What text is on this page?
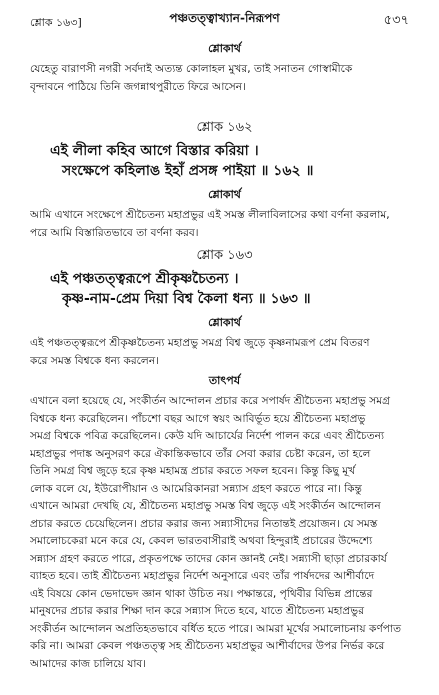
শ্লোক ১৬৩]	পঞ্চতত্ত্বাখ্যান-নিরূপণ	৫৩৭
শ্লোকার্থ
যেহেতু বারাণসী নগরী সর্বদাই অত্যন্ত কোলাহল মুখর, তাই সনাতন গোস্বামীকে
বৃন্দাবনে পাঠিয়ে তিনি জগন্নাথপুরীতে ফিরে আসেন।
শ্লোক ১৬২
এই লীলা কহিব আগে বিস্তার করিয়া ।
সংক্ষেপে কহিলাঙ ইহাঁ প্রসঙ্গ পাইয়া ॥ ১৬২ ॥
শ্লোকার্থ
আমি এখানে সংক্ষেপে শ্রীচৈতন্য মহাপ্রভুর এই সমস্ত লীলাবিলাসের কথা বর্ণনা করলাম,
পরে আমি বিস্তারিতভাবে তা বর্ণনা করব।
শ্লোক ১৬৩
এই পঞ্চতত্ত্বরূপে শ্রীকৃষ্ণচৈতন্য ।
কৃষ্ণ-নাম-প্রেম দিয়া বিশ্ব কৈলা ধন্য ॥ ১৬৩ ॥
শ্লোকার্থ
এই পঞ্চতত্ত্বরূপে শ্রীকৃষ্ণচৈতন্য মহাপ্রভু সমগ্র বিশ্ব জুড়ে কৃষ্ণনামরূপ প্রেম বিতরণ
করে সমস্ত বিশ্বকে ধন্য করলেন।
তাৎপর্য
এখানে বলা হয়েছে যে, সংকীর্তন আন্দোলন প্রচার করে সপার্ষদ শ্রীচৈতন্য মহাপ্রভু সমগ্র
বিশ্বকে ধন্য করেছিলেন। পাঁচশো বছর আগে স্বয়ং আবির্ভূত হয়ে শ্রীচৈতন্য মহাপ্রভু
সমগ্র বিশ্বকে পবিত্র করেছিলেন। কেউ যদি আচার্যের নির্দেশ পালন করে এবং শ্রীচৈতন্য
মহাপ্রভুর পদাঙ্ক অনুসরণ করে ঐকান্তিকভাবে তাঁর সেবা করার চেষ্টা করেন, তা হলে
তিনি সমগ্র বিশ্ব জুড়ে হরে কৃষ্ণ মহামন্ত্র প্রচার করতে সফল হবেন। কিন্তু কিছু মূর্খ
লোক বলে যে, ইউরোপীয়ান ও আমেরিকানরা সন্ন্যাস গ্রহণ করতে পারে না। কিন্তু
এখানে আমরা দেখছি যে, শ্রীচৈতন্য মহাপ্রভু সমস্ত বিশ্ব জুড়ে এই সংকীর্তন আন্দোলন
প্রচার করতে চেয়েছিলেন। প্রচার করার জন্য সন্ন্যাসীদের নিতান্তই প্রয়োজন। যে সমস্ত
সমালোচকেরা মনে করে যে, কেবল ভারতবাসীরাই অথবা হিন্দুরাই প্রচারের উদ্দেশ্যে
সন্ন্যাস গ্রহণ করতে পারে, প্রকৃতপক্ষে তাদের কোন জ্ঞানই নেই। সন্ন্যাসী ছাড়া প্রচারকার্য
ব্যাহত হবে। তাই শ্রীচৈতন্য মহাপ্রভুর নির্দেশ অনুসারে এবং তাঁর পার্ষদদের আশীর্বাদে
এই বিষয়ে কোন ভেদাভেদ জ্ঞান থাকা উচিত নয়। পক্ষান্তরে, পৃথিবীর বিভিন্ন প্রান্তের
মানুষদের প্রচার করার শিক্ষা দান করে সন্ন্যাস দিতে হবে, যাতে শ্রীচৈতন্য মহাপ্রভুর
সংকীর্তন আন্দোলন অপ্রতিহতভাবে বর্ধিত হতে পারে। আমরা মূর্খের সমালোচনায় কর্ণপাত
করি না। আমরা কেবল পঞ্চতত্ত্ব সহ শ্রীচৈতন্য মহাপ্রভুর আশীর্বাদের উপর নির্ভর করে
আমাদের কাজ চালিয়ে যাব।
